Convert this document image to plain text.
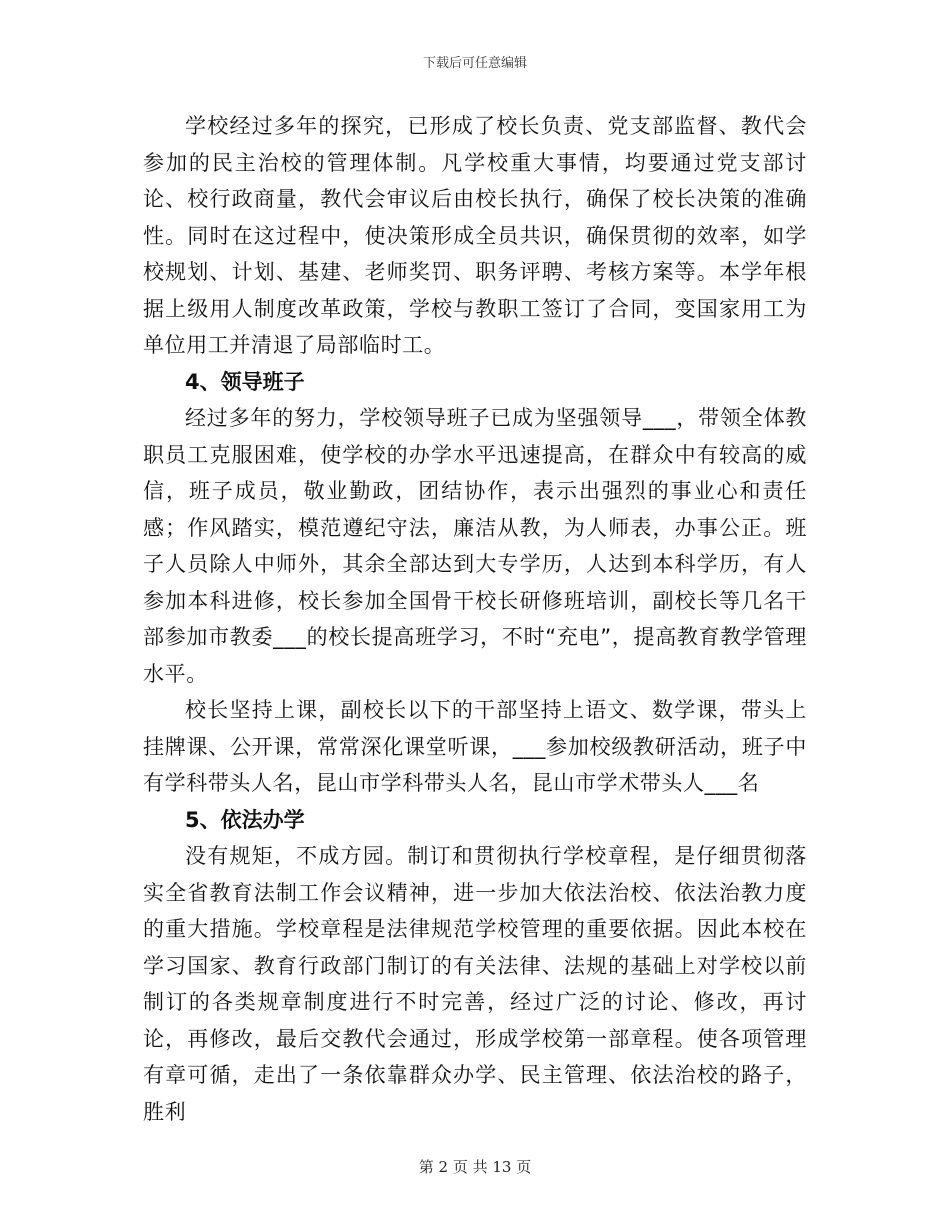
下载后可任意编辑

学校经过多年的探究，已形成了校长负责、党支部监督、教代会参加的民主治校的管理体制。凡学校重大事情，均要通过党支部讨论、校行政商量，教代会审议后由校长执行，确保了校长决策的准确性。同时在这过程中，使决策形成全员共识，确保贯彻的效率，如学校规划、计划、基建、老师奖罚、职务评聘、考核方案等。本学年根据上级用人制度改革政策，学校与教职工签订了合同，变国家用工为单位用工并清退了局部临时工。

4、领导班子

经过多年的努力，学校领导班子已成为坚强领导___，带领全体教职员工克服困难，使学校的办学水平迅速提高，在群众中有较高的威信，班子成员，敬业勤政，团结协作，表示出强烈的事业心和责任感；作风踏实，模范遵纪守法，廉洁从教，为人师表，办事公正。班子人员除人中师外，其余全部达到大专学历，人达到本科学历，有人参加本科进修，校长参加全国骨干校长研修班培训，副校长等几名干部参加市教委___的校长提高班学习，不时“充电”，提高教育教学管理水平。

校长坚持上课，副校长以下的干部坚持上语文、数学课，带头上挂牌课、公开课，常常深化课堂听课，___参加校级教研活动，班子中有学科带头人名，昆山市学科带头人名，昆山市学术带头人___名

5、依法办学

没有规矩，不成方园。制订和贯彻执行学校章程，是仔细贯彻落实全省教育法制工作会议精神，进一步加大依法治校、依法治教力度的重大措施。学校章程是法律规范学校管理的重要依据。因此本校在学习国家、教育行政部门制订的有关法律、法规的基础上对学校以前制订的各类规章制度进行不时完善，经过广泛的讨论、修改，再讨论，再修改，最后交教代会通过，形成学校第一部章程。使各项管理有章可循，走出了一条依靠群众办学、民主管理、依法治校的路子，胜利

第 2 页 共 13 页
